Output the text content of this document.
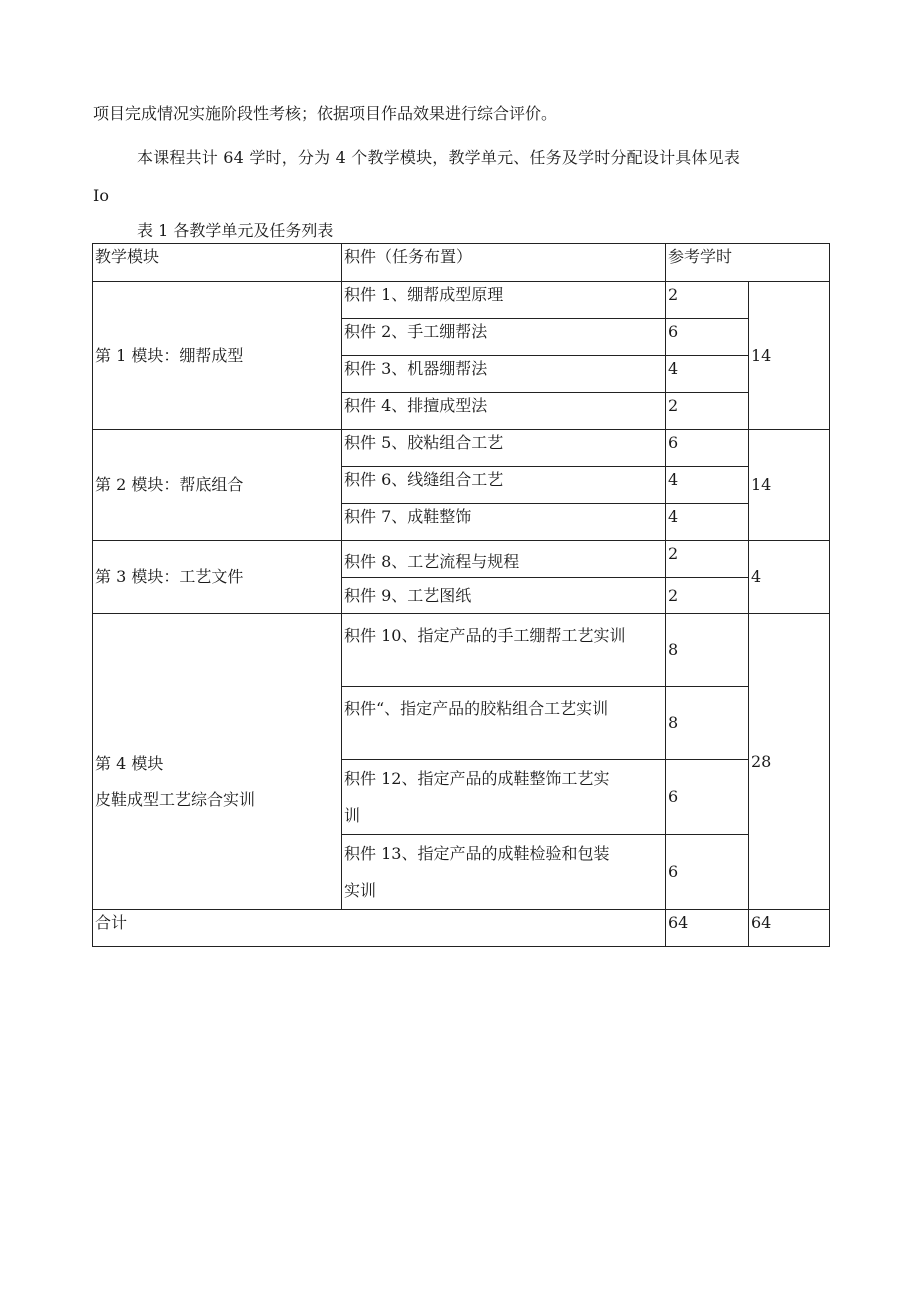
项目完成情况实施阶段性考核；依据项目作品效果进行综合评价。

本课程共计 64 学时，分为 4 个教学模块，教学单元、任务及学时分配设计具体见表

Io

表 1 各教学单元及任务列表

教学模块	积件（任务布置）	参考学时	
第 1 模块：绷帮成型	积件 1、绷帮成型原理	2	14
	积件 2、手工绷帮法	6	
	积件 3、机器绷帮法	4	
	积件 4、排擅成型法	2	
第 2 模块：帮底组合	积件 5、胶粘组合工艺	6	14
	积件 6、线缝组合工艺	4	
	积件 7、成鞋整饰	4	
第 3 模块：工艺文件	积件 8、工艺流程与规程	2	4
	积件 9、工艺图纸	2	

第 4 模块
皮鞋成型工艺综合实训	积件 10、指定产品的手工绷帮工艺实训	8	28
	积件“、指定产品的胶粘组合工艺实训	8	

	积件 12、指定产品的成鞋整饰工艺实
训	6	

	积件 13、指定产品的成鞋检验和包装
实训	6	
合计		64	64
